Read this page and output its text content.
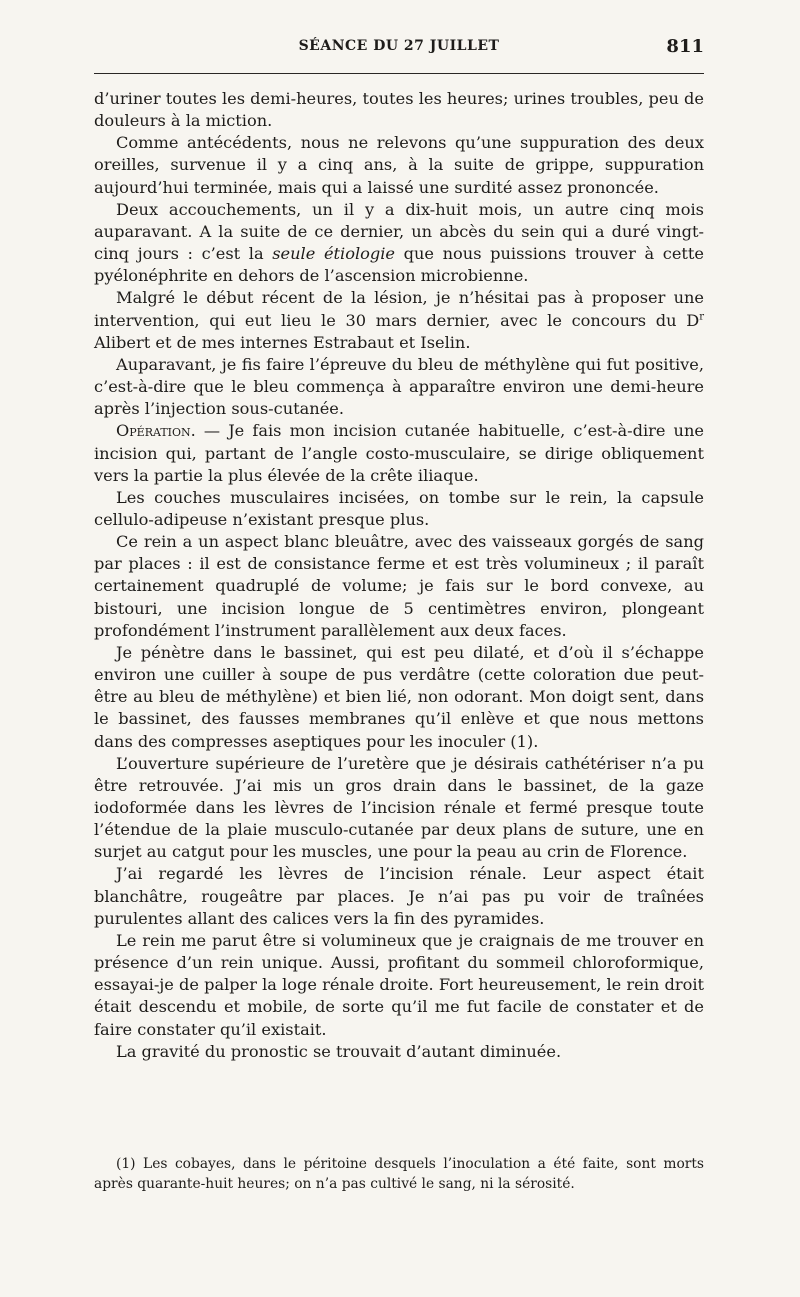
SÉANCE DU 27 JUILLET	811

d’uriner toutes les demi-heures, toutes les heures; urines troubles, peu de douleurs à la miction.

Comme antécédents, nous ne relevons qu’une suppuration des deux oreilles, survenue il y a cinq ans, à la suite de grippe, suppuration aujourd’hui terminée, mais qui a laissé une surdité assez prononcée.

Deux accouchements, un il y a dix-huit mois, un autre cinq mois auparavant. A la suite de ce dernier, un abcès du sein qui a duré vingt-cinq jours : c’est la seule étiologie que nous puissions trouver à cette pyélonéphrite en dehors de l’ascension microbienne.

Malgré le début récent de la lésion, je n’hésitai pas à proposer une intervention, qui eut lieu le 30 mars dernier, avec le concours du $D^r$ Alibert et de mes internes Estrabaut et Iselin.

Auparavant, je fis faire l’épreuve du bleu de méthylène qui fut positive, c’est-à-dire que le bleu commença à apparaître environ une demi-heure après l’injection sous-cutanée.

Opération. — Je fais mon incision cutanée habituelle, c’est-à-dire une incision qui, partant de l’angle costo-musculaire, se dirige obliquement vers la partie la plus élevée de la crête iliaque.

Les couches musculaires incisées, on tombe sur le rein, la capsule cellulo-adipeuse n’existant presque plus.

Ce rein a un aspect blanc bleuâtre, avec des vaisseaux gorgés de sang par places : il est de consistance ferme et est très volumineux ; il paraît certainement quadruplé de volume; je fais sur le bord convexe, au bistouri, une incision longue de 5 centimètres environ, plongeant profondément l’instrument parallèlement aux deux faces.

Je pénètre dans le bassinet, qui est peu dilaté, et d’où il s’échappe environ une cuiller à soupe de pus verdâtre (cette coloration due peut-être au bleu de méthylène) et bien lié, non odorant. Mon doigt sent, dans le bassinet, des fausses membranes qu’il enlève et que nous mettons dans des compresses aseptiques pour les inoculer (1).

L’ouverture supérieure de l’uretère que je désirais cathétériser n’a pu être retrouvée. J’ai mis un gros drain dans le bassinet, de la gaze iodoformée dans les lèvres de l’incision rénale et fermé presque toute l’étendue de la plaie musculo-cutanée par deux plans de suture, une en surjet au catgut pour les muscles, une pour la peau au crin de Florence.

J’ai regardé les lèvres de l’incision rénale. Leur aspect était blanchâtre, rougeâtre par places. Je n’ai pas pu voir de traînées purulentes allant des calices vers la fin des pyramides.

Le rein me parut être si volumineux que je craignais de me trouver en présence d’un rein unique. Aussi, profitant du sommeil chloroformique, essayai-je de palper la loge rénale droite. Fort heureusement, le rein droit était descendu et mobile, de sorte qu’il me fut facile de constater et de faire constater qu’il existait.

La gravité du pronostic se trouvait d’autant diminuée.

(1) Les cobayes, dans le péritoine desquels l’inoculation a été faite, sont morts après quarante-huit heures; on n’a pas cultivé le sang, ni la sérosité.
